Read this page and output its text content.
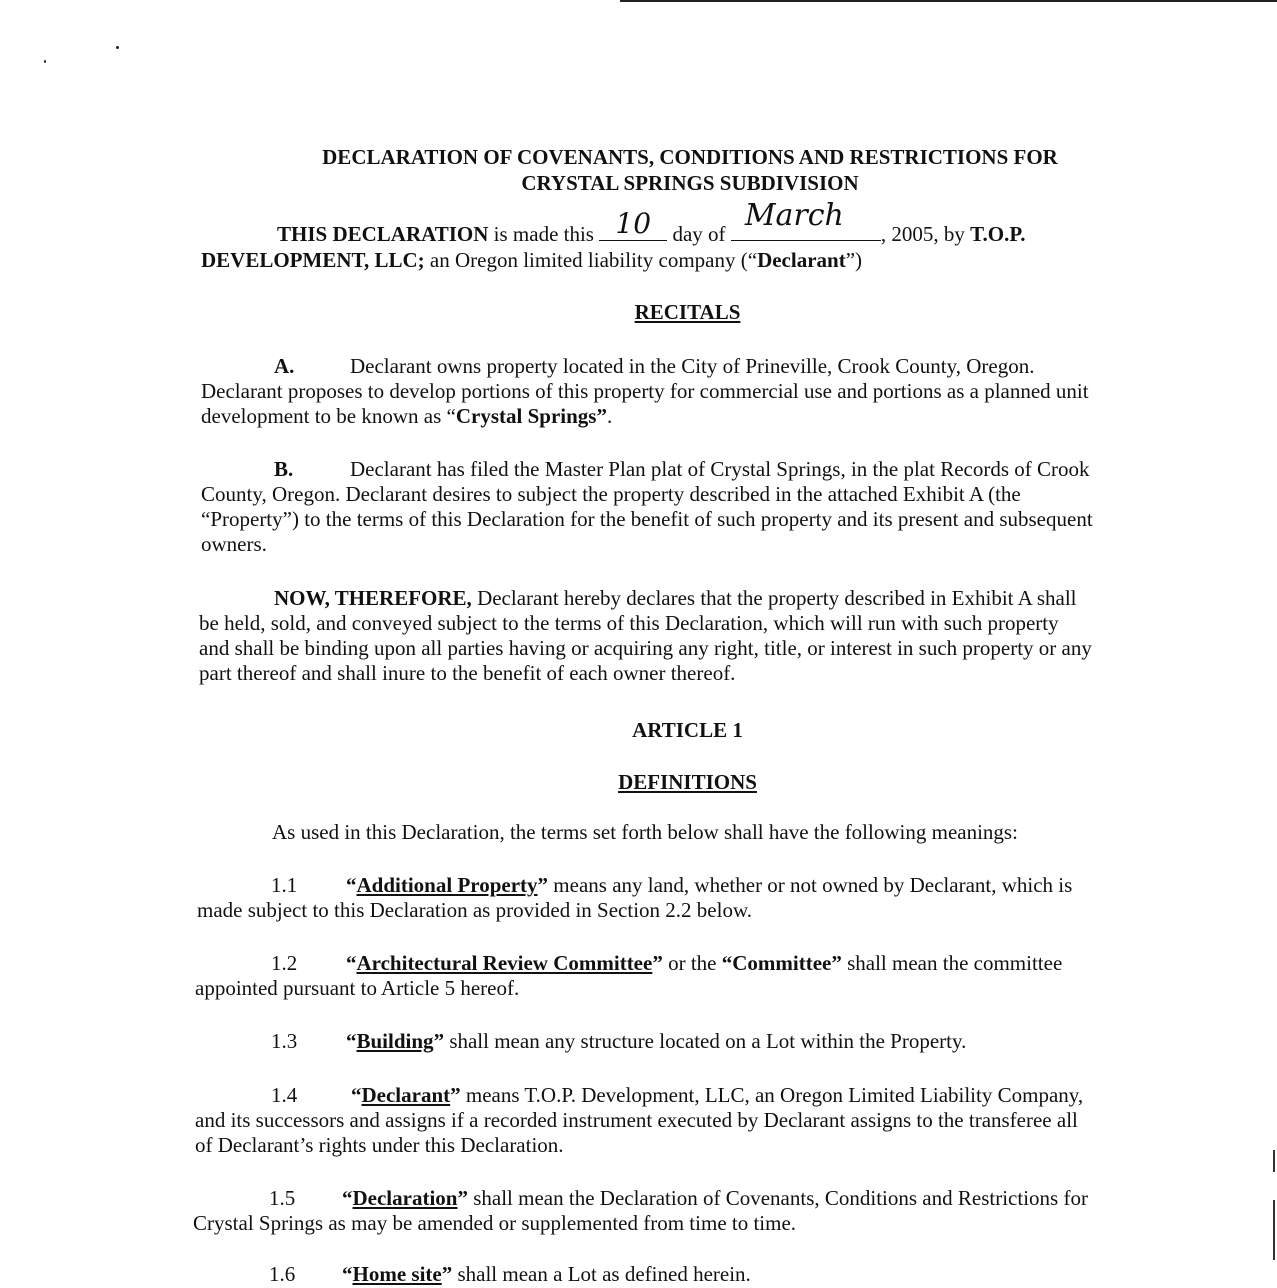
DECLARATION OF COVENANTS, CONDITIONS AND RESTRICTIONS FOR
CRYSTAL SPRINGS SUBDIVISION
THIS DECLARATION is made this 10 day of
March
, 2005, by T.O.P.
DEVELOPMENT, LLC; an Oregon limited liability company (“Declarant”)
RECITALS
A.	Declarant owns property located in the City of Prineville, Crook County, Oregon.
Declarant proposes to develop portions of this property for commercial use and portions as a planned unit
development to be known as “Crystal Springs”.
B.	Declarant has filed the Master Plan plat of Crystal Springs, in the plat Records of Crook
County, Oregon. Declarant desires to subject the property described in the attached Exhibit A (the
“Property”) to the terms of this Declaration for the benefit of such property and its present and subsequent
owners.
NOW, THEREFORE, Declarant hereby declares that the property described in Exhibit A shall
be held, sold, and conveyed subject to the terms of this Declaration, which will run with such property
and shall be binding upon all parties having or acquiring any right, title, or interest in such property or any
part thereof and shall inure to the benefit of each owner thereof.
ARTICLE 1
DEFINITIONS
As used in this Declaration, the terms set forth below shall have the following meanings:
1.1 “Additional Property” means any land, whether or not owned by Declarant, which is
made subject to this Declaration as provided in Section 2.2 below.
1.2 “Architectural Review Committee” or the “Committee” shall mean the committee
appointed pursuant to Article 5 hereof.
1.3 “Building” shall mean any structure located on a Lot within the Property.
1.4	“Declarant” means T.O.P. Development, LLC, an Oregon Limited Liability Company,
and its successors and assigns if a recorded instrument executed by Declarant assigns to the transferee all
of Declarant’s rights under this Declaration.
1.5 “Declaration” shall mean the Declaration of Covenants, Conditions and Restrictions for
Crystal Springs as may be amended or supplemented from time to time.
1.6 “Home site” shall mean a Lot as defined herein.
